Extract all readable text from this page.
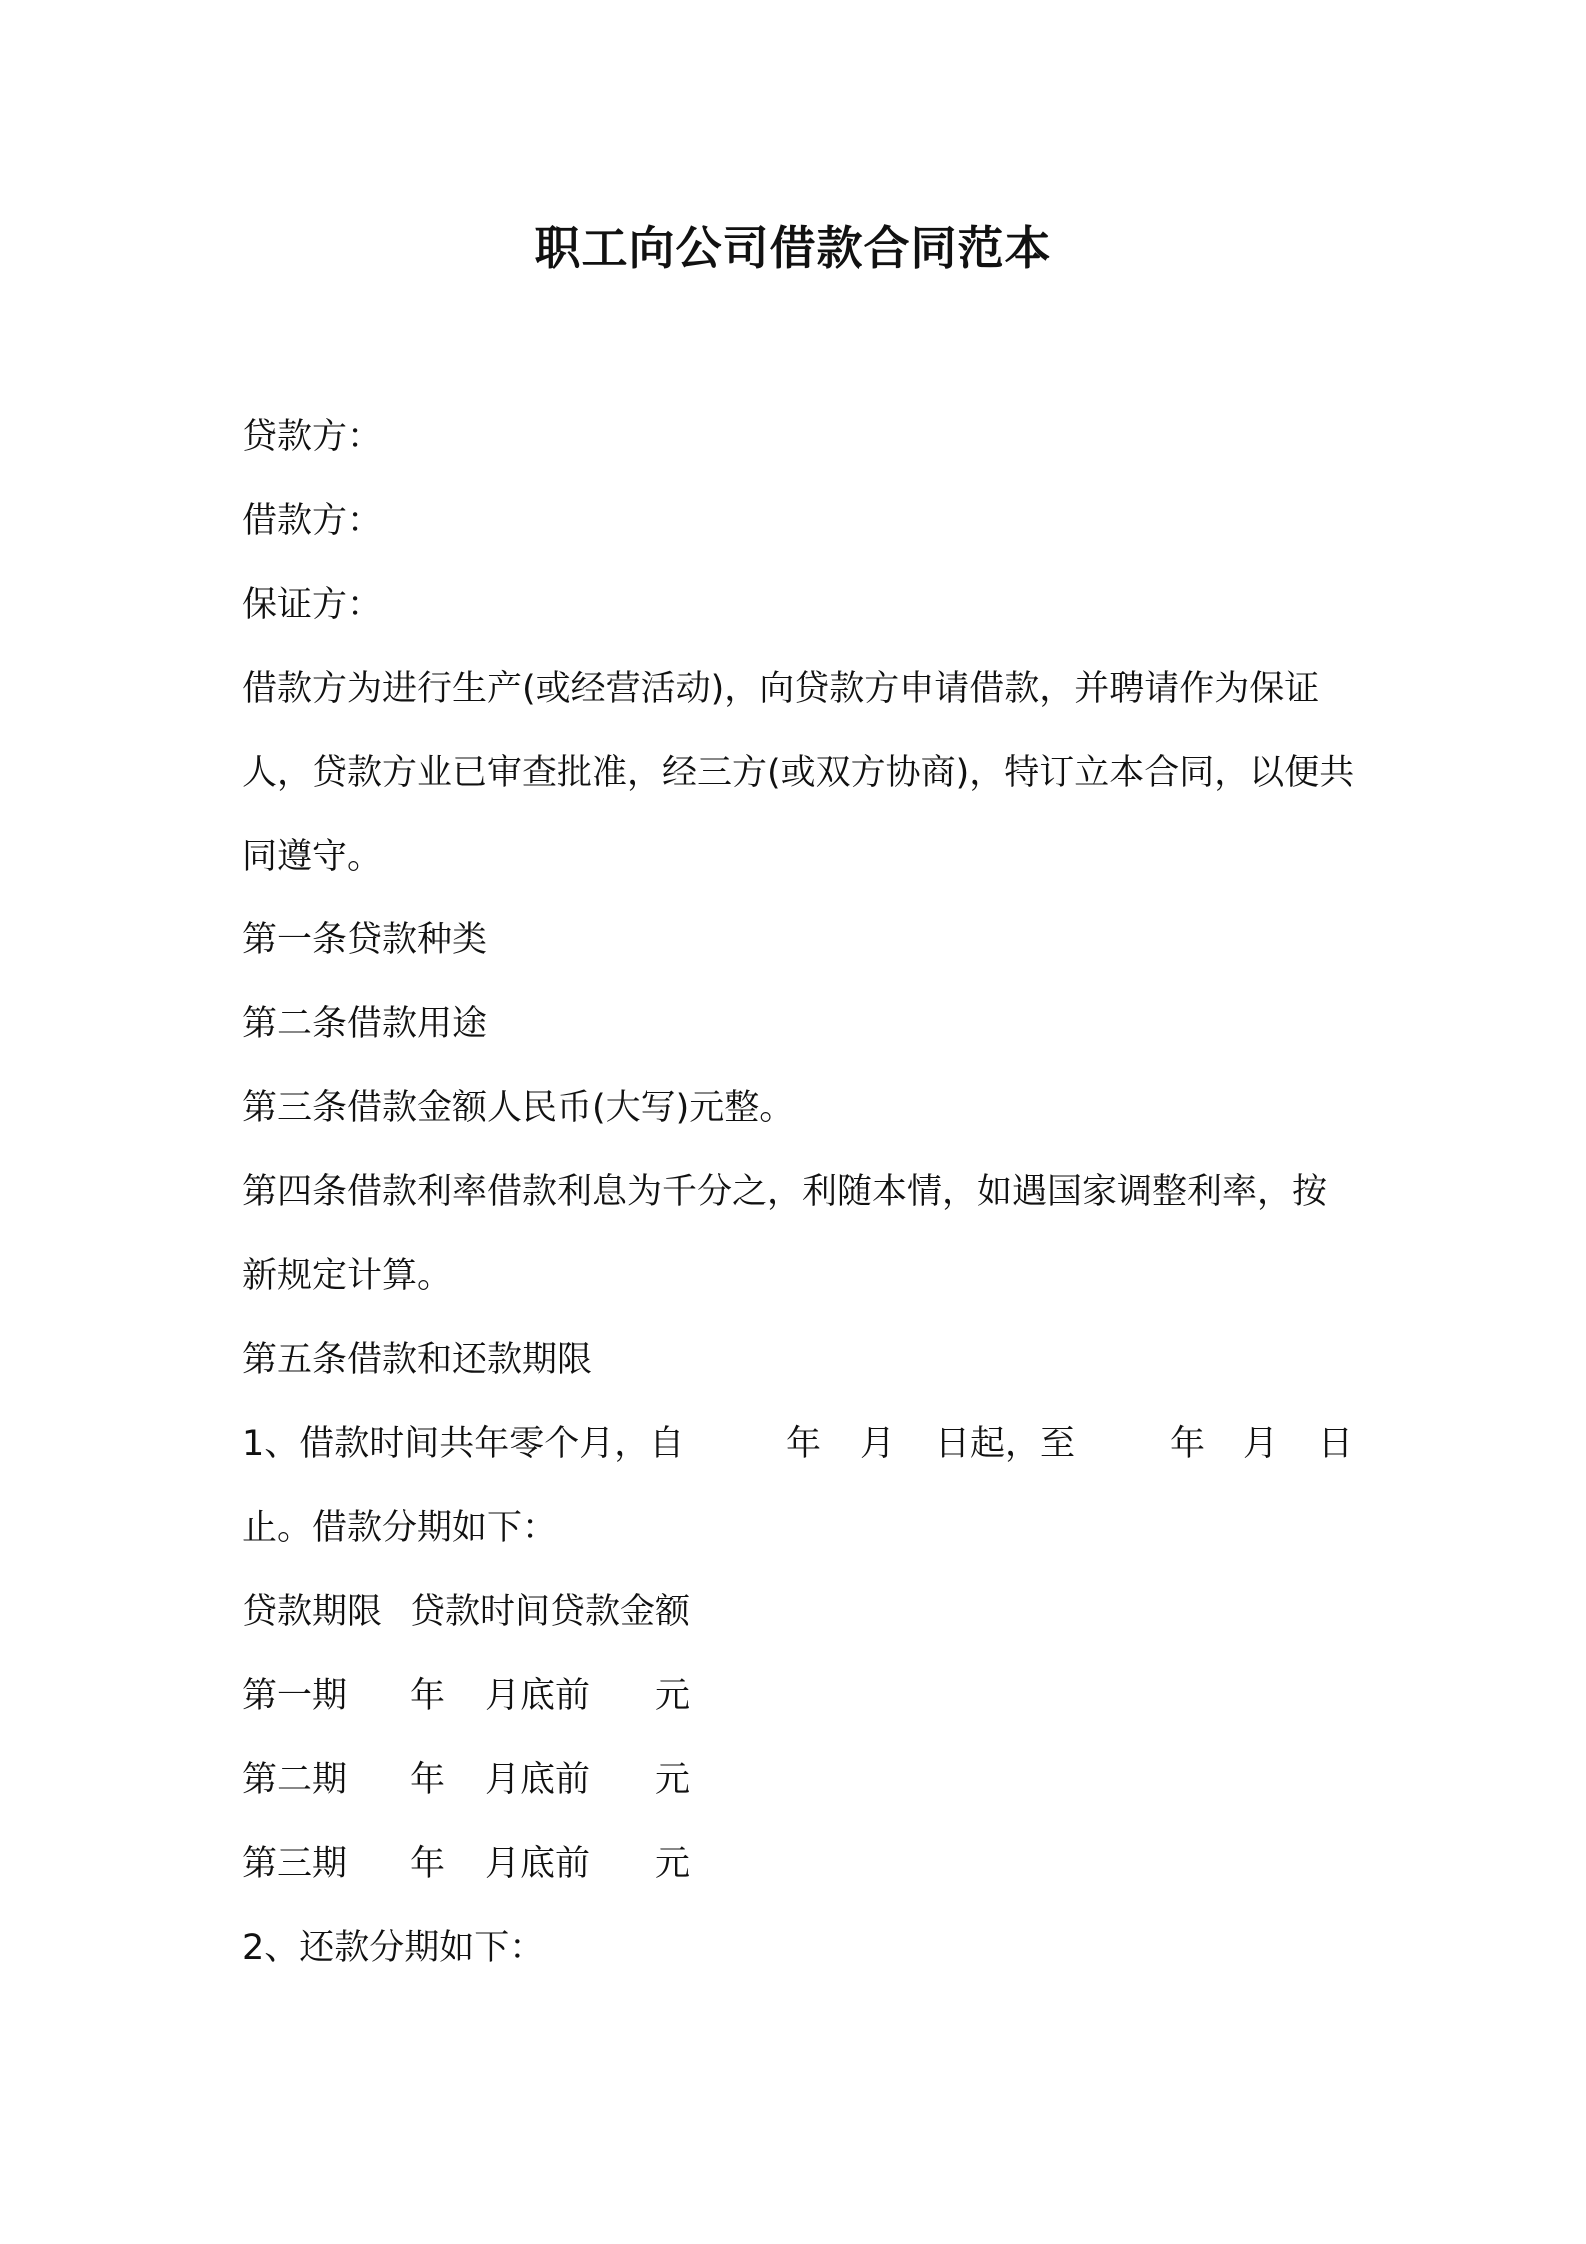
职工向公司借款合同范本

贷款方：

借款方：

保证方：

借款方为进行生产(或经营活动)，向贷款方申请借款，并聘请作为保证人，贷款方业已审查批准，经三方(或双方协商)，特订立本合同，以便共同遵守。

第一条贷款种类

第二条借款用途

第三条借款金额人民币(大写)元整。

第四条借款利率借款利息为千分之，利随本情，如遇国家调整利率，按新规定计算。

第五条借款和还款期限

1、借款时间共年零个月，自	年 月 日起，至	年 月 日

止。借款分期如下：

贷款期限 贷款时间贷款金额
第一期 年 月底前 元
第二期 年 月底前 元
第三期 年 月底前 元

2、还款分期如下：
